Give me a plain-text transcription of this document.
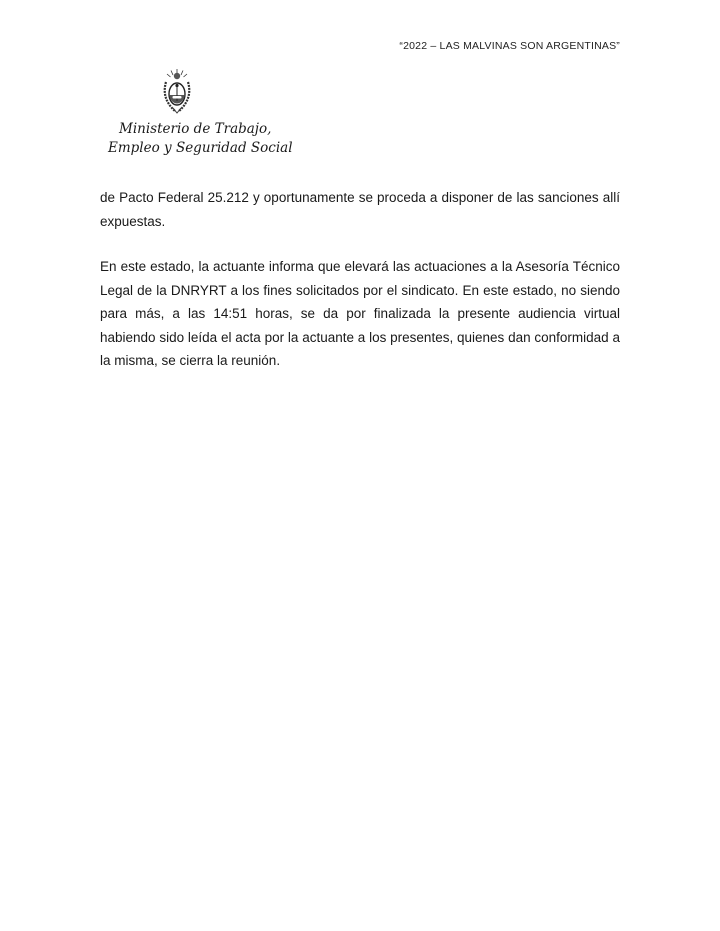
“2022 – LAS MALVINAS SON ARGENTINAS”
Ministerio de Trabajo,
Empleo y Seguridad Social

de Pacto Federal 25.212 y oportunamente se proceda a disponer de las sanciones allí expuestas.

En este estado, la actuante informa que elevará las actuaciones a la Asesoría Técnico Legal de la DNRYRT a los fines solicitados por el sindicato. En este estado, no siendo para más, a las 14:51 horas, se da por finalizada la presente audiencia virtual habiendo sido leída el acta por la actuante a los presentes, quienes dan conformidad a la misma, se cierra la reunión.
